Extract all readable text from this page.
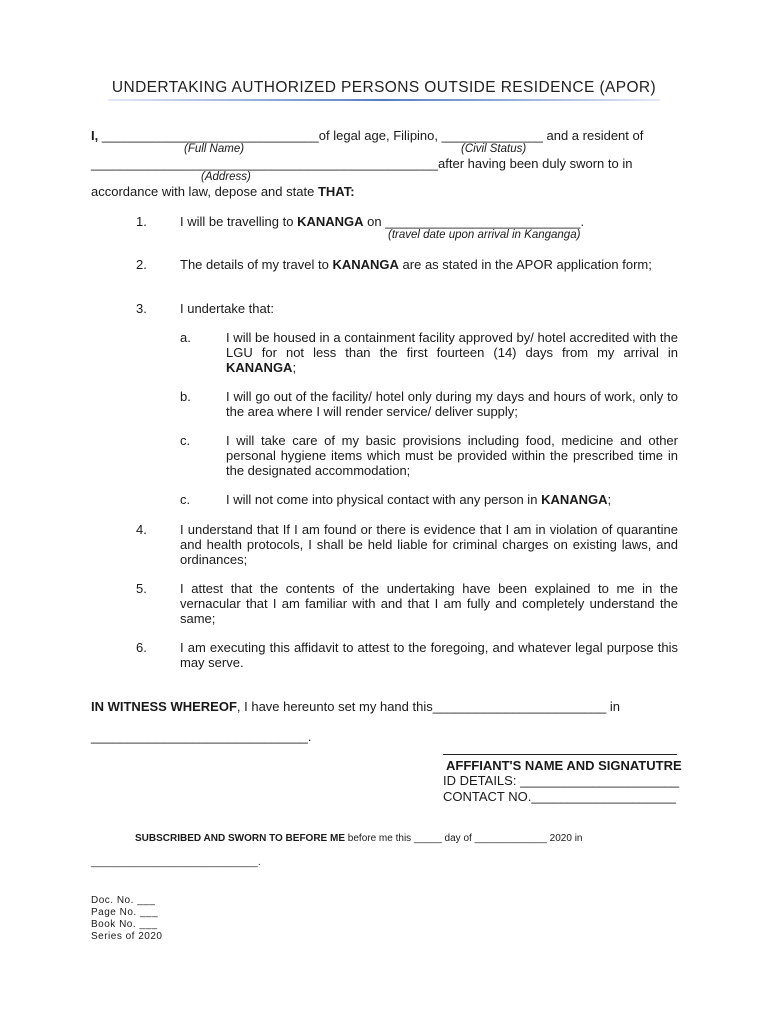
UNDERTAKING AUTHORIZED PERSONS OUTSIDE RESIDENCE (APOR)
I, ______________________________of legal age, Filipino, ______________ and a resident of
(Full Name)	(Civil Status)
________________________________________________after having been duly sworn to in
(Address)
accordance with law, depose and state THAT:
1.	I will be travelling to KANANGA on ___________________________.
(travel date upon arrival in Kanganga)
2.	The details of my travel to KANANGA are as stated in the APOR application form;
3.	I undertake that:
a.	I will be housed in a containment facility approved by/ hotel accredited with the LGU for not less than the first fourteen (14) days from my arrival in KANANGA;
b.	I will go out of the facility/ hotel only during my days and hours of work, only to the area where I will render service/ deliver supply;
c.	I will take care of my basic provisions including food, medicine and other personal hygiene items which must be provided within the prescribed time in the designated accommodation;
c.	I will not come into physical contact with any person in KANANGA;
4.	I understand that If I am found or there is evidence that I am in violation of quarantine and health protocols, I shall be held liable for criminal charges on existing laws, and ordinances;
5.	I attest that the contents of the undertaking have been explained to me in the vernacular that I am familiar with and that I am fully and completely understand the same;
6.	I am executing this affidavit to attest to the foregoing, and whatever legal purpose this may serve.
IN WITNESS WHEREOF, I have hereunto set my hand this________________________ in
______________________________.
AFFFIANT'S NAME AND SIGNATUTRE
ID DETAILS: ______________________
CONTACT NO.____________________
SUBSCRIBED AND SWORN TO BEFORE ME before me this _____ day of _____________ 2020 in
______________________________.
Doc. No. ___
Page No. ___
Book No. ___
Series of 2020
